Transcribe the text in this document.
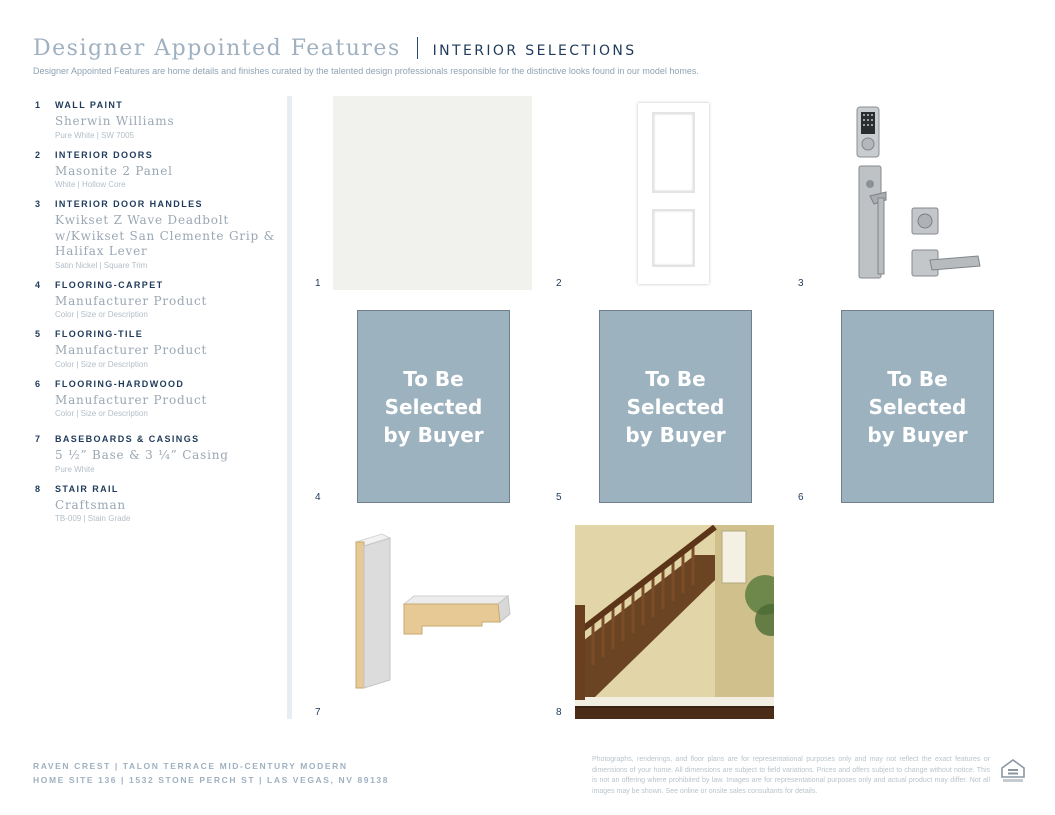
Designer Appointed Features INTERIOR SELECTIONS
Designer Appointed Features are home details and finishes curated by the talented design professionals responsible for the distinctive looks found in our model homes.
1 WALL PAINT
Sherwin Williams
Pure White | SW 7005
2 INTERIOR DOORS
Masonite 2 Panel
White | Hollow Core
3 INTERIOR DOOR HANDLES
Kwikset Z Wave Deadbolt w/Kwikset San Clemente Grip & Halifax Lever
Satin Nickel | Square Trim
4 FLOORING-CARPET
Manufacturer Product
Color | Size or Description
5 FLOORING-TILE
Manufacturer Product
Color | Size or Description
6 FLOORING-HARDWOOD
Manufacturer Product
Color | Size or Description
7 BASEBOARDS & CASINGS
5 ½” Base & 3 ¼” Casing
Pure White
8 STAIR RAIL
Craftsman
TB-009 | Stain Grade
1	2	3
To Be
Selected
by Buyer
4
To Be
Selected
by Buyer
5
To Be
Selected
by Buyer
6
7	8
RAVEN CREST | TALON TERRACE MID-CENTURY MODERN
HOME SITE 136 | 1532 STONE PERCH ST | LAS VEGAS, NV 89138
Photographs, renderings, and floor plans are for representational purposes only and may not reflect the exact features or dimensions of your home. All dimensions are subject to field variations. Prices and offers subject to change without notice. This is not an offering where prohibited by law. Images are for representational purposes only and actual product may differ. Not all images may be shown. See online or onsite sales consultants for details.
